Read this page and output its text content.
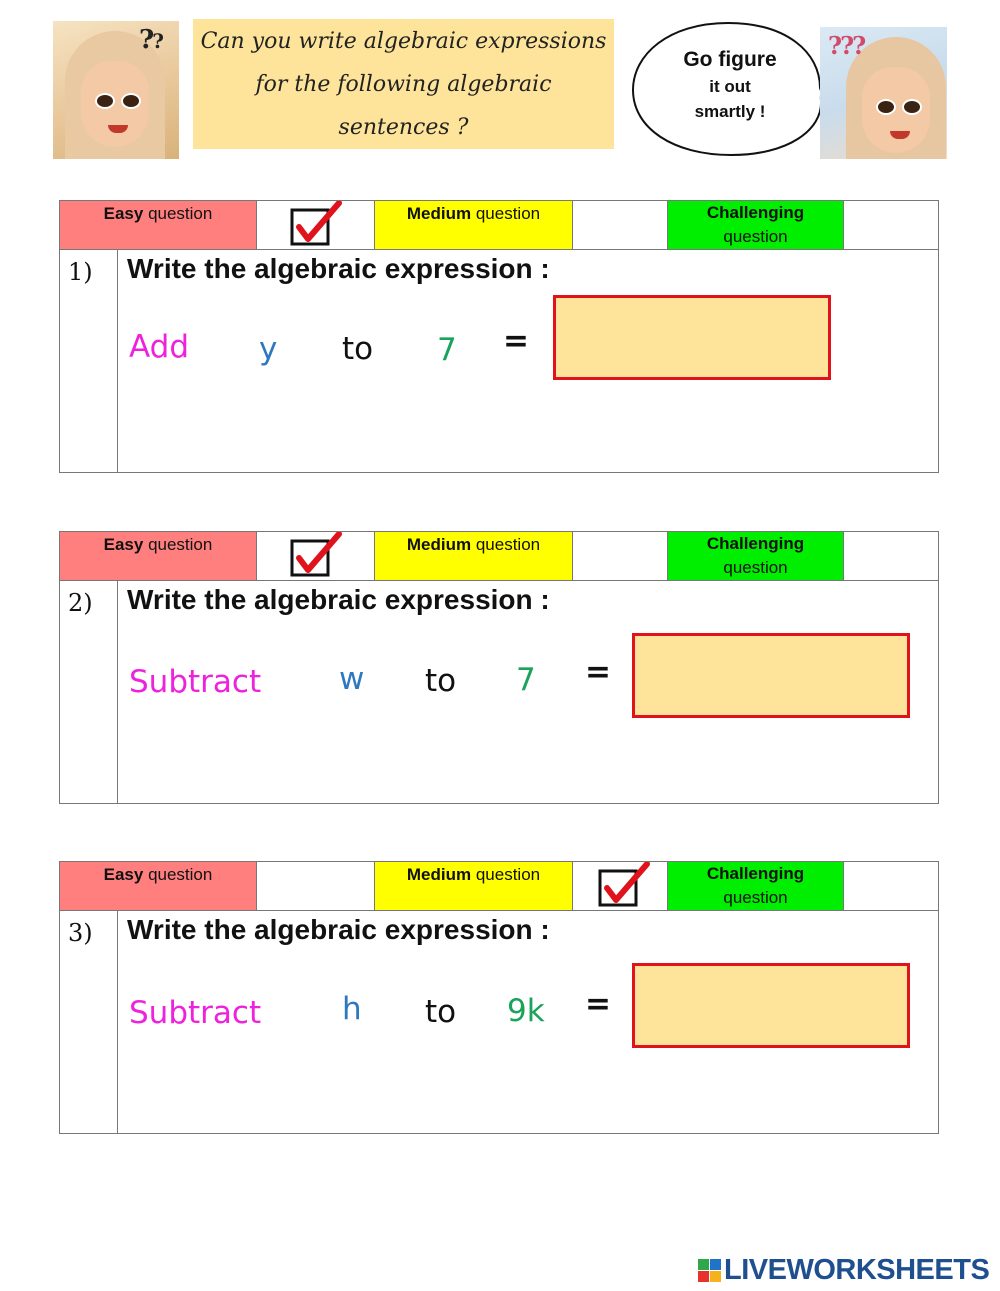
?? Can you write algebraic expressions
for the following algebraic
sentences ?
Go figure
it out
smartly !
???
Easy question	Medium question	Challenging
question
1) Write the algebraic expression :
Add y to 7 =
Easy question	Medium question	Challenging
question
2) Write the algebraic expression :
Subtract	w to 7 =
Easy question	Medium question	Challenging
question
3) Write the algebraic expression :
Subtract	h to 9k =
LIVEWORKSHEETS
